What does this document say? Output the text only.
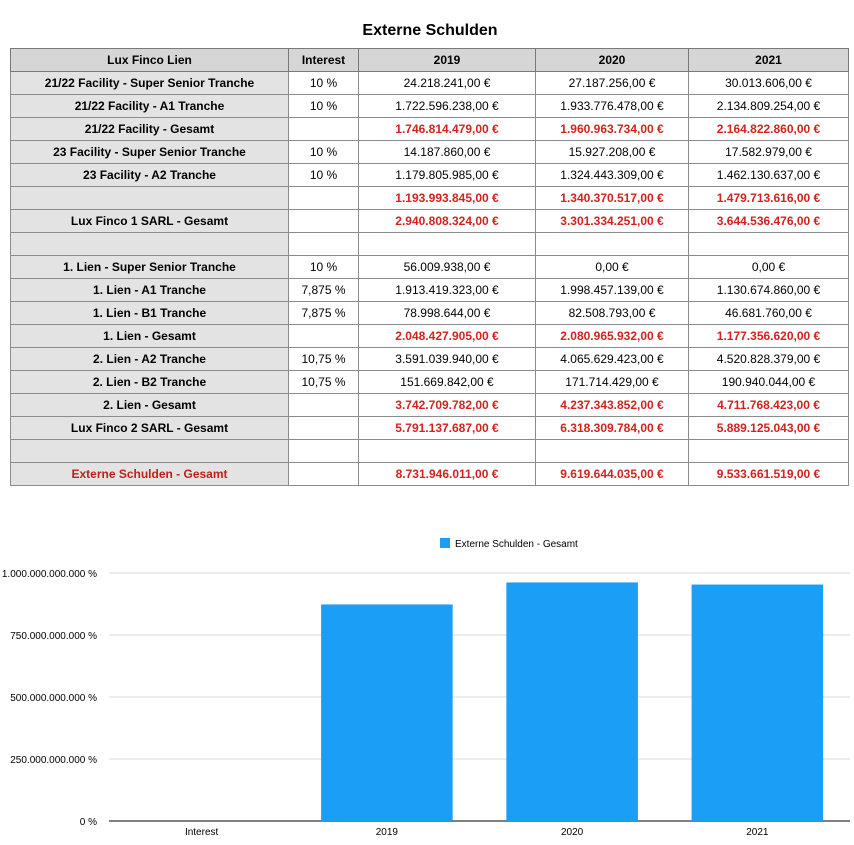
Externe Schulden
Lux Finco Lien	Interest	2019	2020	2021
21/22 Facility - Super Senior Tranche	10 %	24.218.241,00 €	27.187.256,00 €	30.013.606,00 €
21/22 Facility - A1 Tranche	10 %	1.722.596.238,00 €	1.933.776.478,00 €	2.134.809.254,00 €
21/22 Facility - Gesamt		1.746.814.479,00 €	1.960.963.734,00 €	2.164.822.860,00 €
23 Facility - Super Senior Tranche	10 %	14.187.860,00 €	15.927.208,00 €	17.582.979,00 €
23 Facility - A2 Tranche	10 %	1.179.805.985,00 €	1.324.443.309,00 €	1.462.130.637,00 €
		1.193.993.845,00 €	1.340.370.517,00 €	1.479.713.616,00 €
Lux Finco 1 SARL - Gesamt		2.940.808.324,00 €	3.301.334.251,00 €	3.644.536.476,00 €

1. Lien - Super Senior Tranche	10 %	56.009.938,00 €	0,00 €	0,00 €
1. Lien - A1 Tranche	7,875 %	1.913.419.323,00 €	1.998.457.139,00 €	1.130.674.860,00 €
1. Lien - B1 Tranche	7,875 %	78.998.644,00 €	82.508.793,00 €	46.681.760,00 €
1. Lien - Gesamt		2.048.427.905,00 €	2.080.965.932,00 €	1.177.356.620,00 €
2. Lien - A2 Tranche	10,75 %	3.591.039.940,00 €	4.065.629.423,00 €	4.520.828.379,00 €
2. Lien - B2 Tranche	10,75 %	151.669.842,00 €	171.714.429,00 €	190.940.044,00 €
2. Lien - Gesamt		3.742.709.782,00 €	4.237.343.852,00 €	4.711.768.423,00 €
Lux Finco 2 SARL - Gesamt		5.791.137.687,00 €	6.318.309.784,00 €	5.889.125.043,00 €

Externe Schulden - Gesamt		8.731.946.011,00 €	9.619.644.035,00 €	9.533.661.519,00 €
0 %
250.000.000.000 %
500.000.000.000 %
750.000.000.000 %
1.000.000.000.000 %
Interest	2019	2020	2021
Externe Schulden - Gesamt
